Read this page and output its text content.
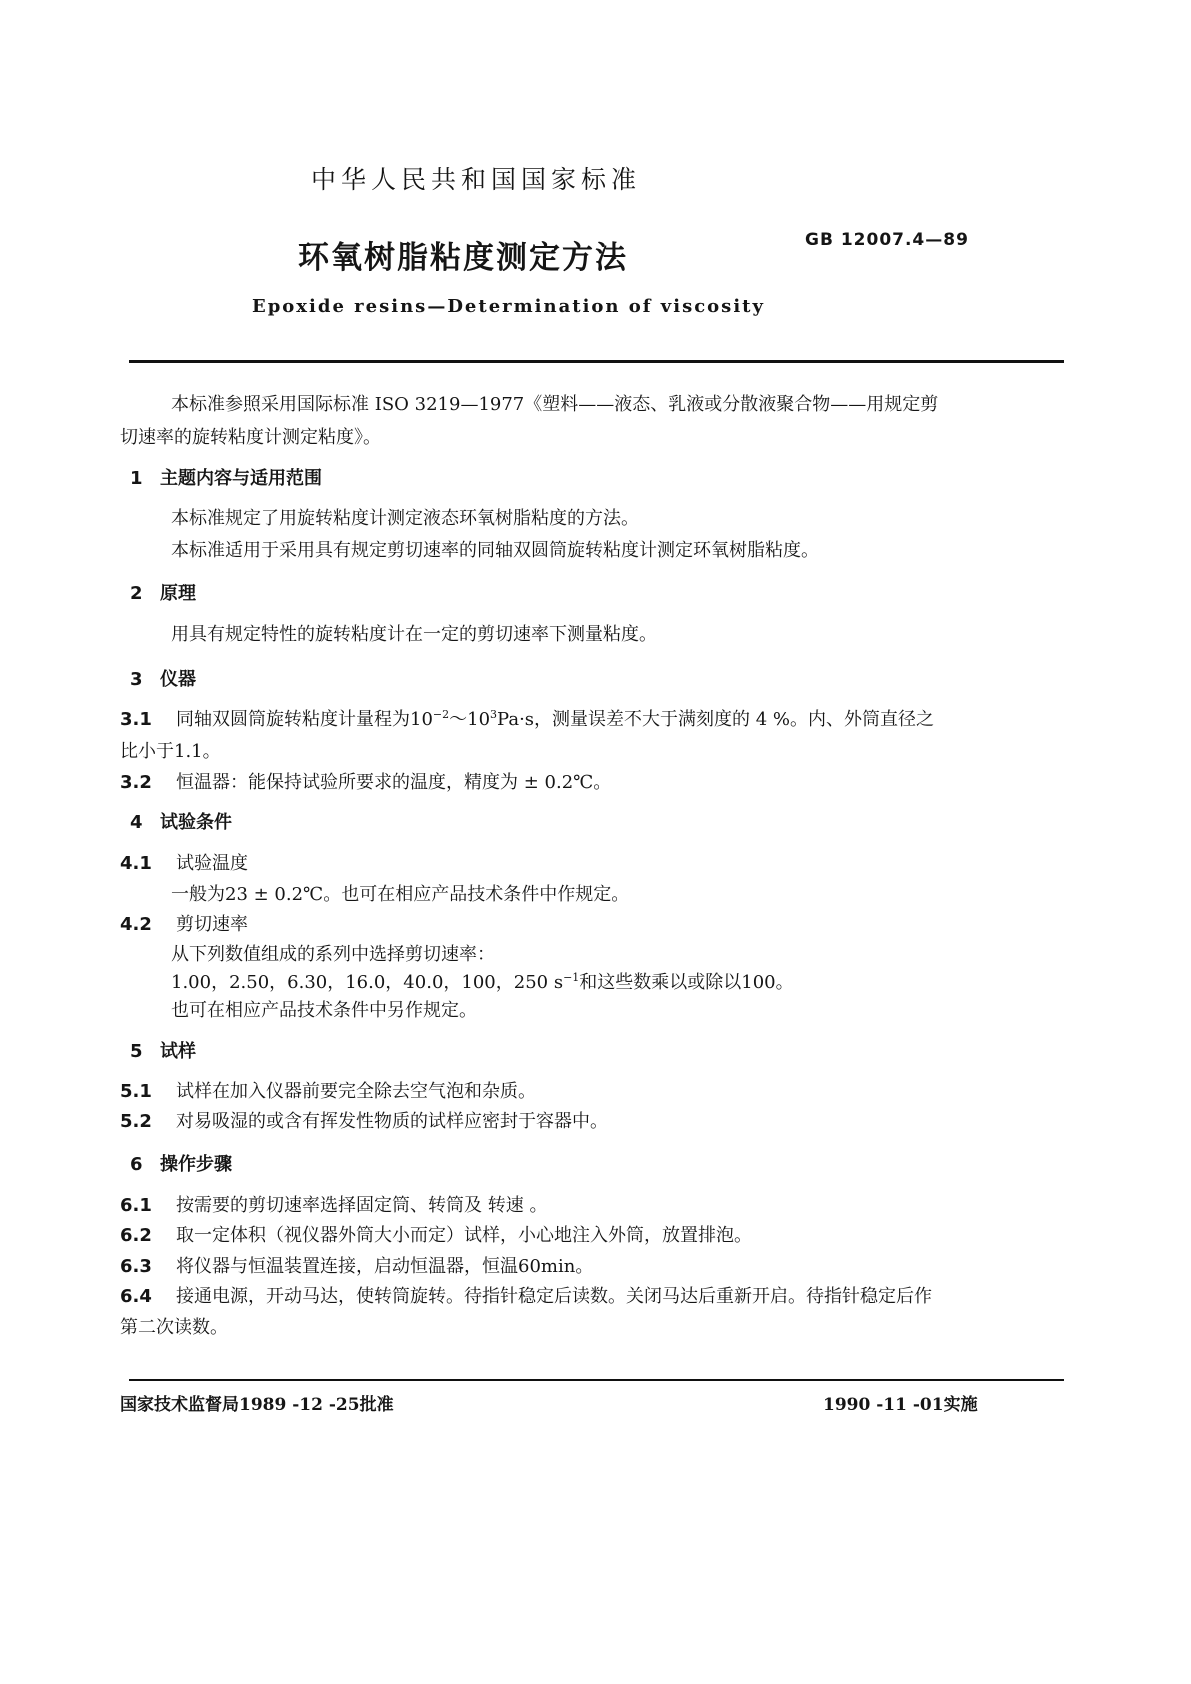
中华人民共和国国家标准
环氧树脂粘度测定方法	GB 12007.4—89
Epoxide resins—Determination of viscosity
本标准参照采用国际标准 ISO 3219—1977《塑料——液态、乳液或分散液聚合物——用规定剪
切速率的旋转粘度计测定粘度》。
1 主题内容与适用范围
本标准规定了用旋转粘度计测定液态环氧树脂粘度的方法。
本标准适用于采用具有规定剪切速率的同轴双圆筒旋转粘度计测定环氧树脂粘度。
2 原理
用具有规定特性的旋转粘度计在一定的剪切速率下测量粘度。
3 仪器
3.1 同轴双圆筒旋转粘度计量程为$10^{-2}\sim 10^3Pa\cdot s$，测量误差不大于满刻度的 4 %。内、外筒直径之
比小于1.1。
3.2 恒温器：能保持试验所要求的温度，精度为 ± 0.2℃。
4 试验条件
4.1 试验温度
一般为23 ± 0.2℃。也可在相应产品技术条件中作规定。
4.2 剪切速率
从下列数值组成的系列中选择剪切速率：
1.00，2.50，6.30，16.0，40.0，100，250 $s^{-1}$和这些数乘以或除以100。
也可在相应产品技术条件中另作规定。
5 试样
5.1 试样在加入仪器前要完全除去空气泡和杂质。
5.2 对易吸湿的或含有挥发性物质的试样应密封于容器中。
6 操作步骤
6.1 按需要的剪切速率选择固定筒、转筒及 转速 。
6.2 取一定体积（视仪器外筒大小而定）试样，小心地注入外筒，放置排泡。
6.3 将仪器与恒温装置连接，启动恒温器，恒温60min。
6.4 接通电源，开动马达，使转筒旋转。待指针稳定后读数。关闭马达后重新开启。待指针稳定后作
第二次读数。
国家技术监督局1989 -12 -25批准	1990 -11 -01实施
